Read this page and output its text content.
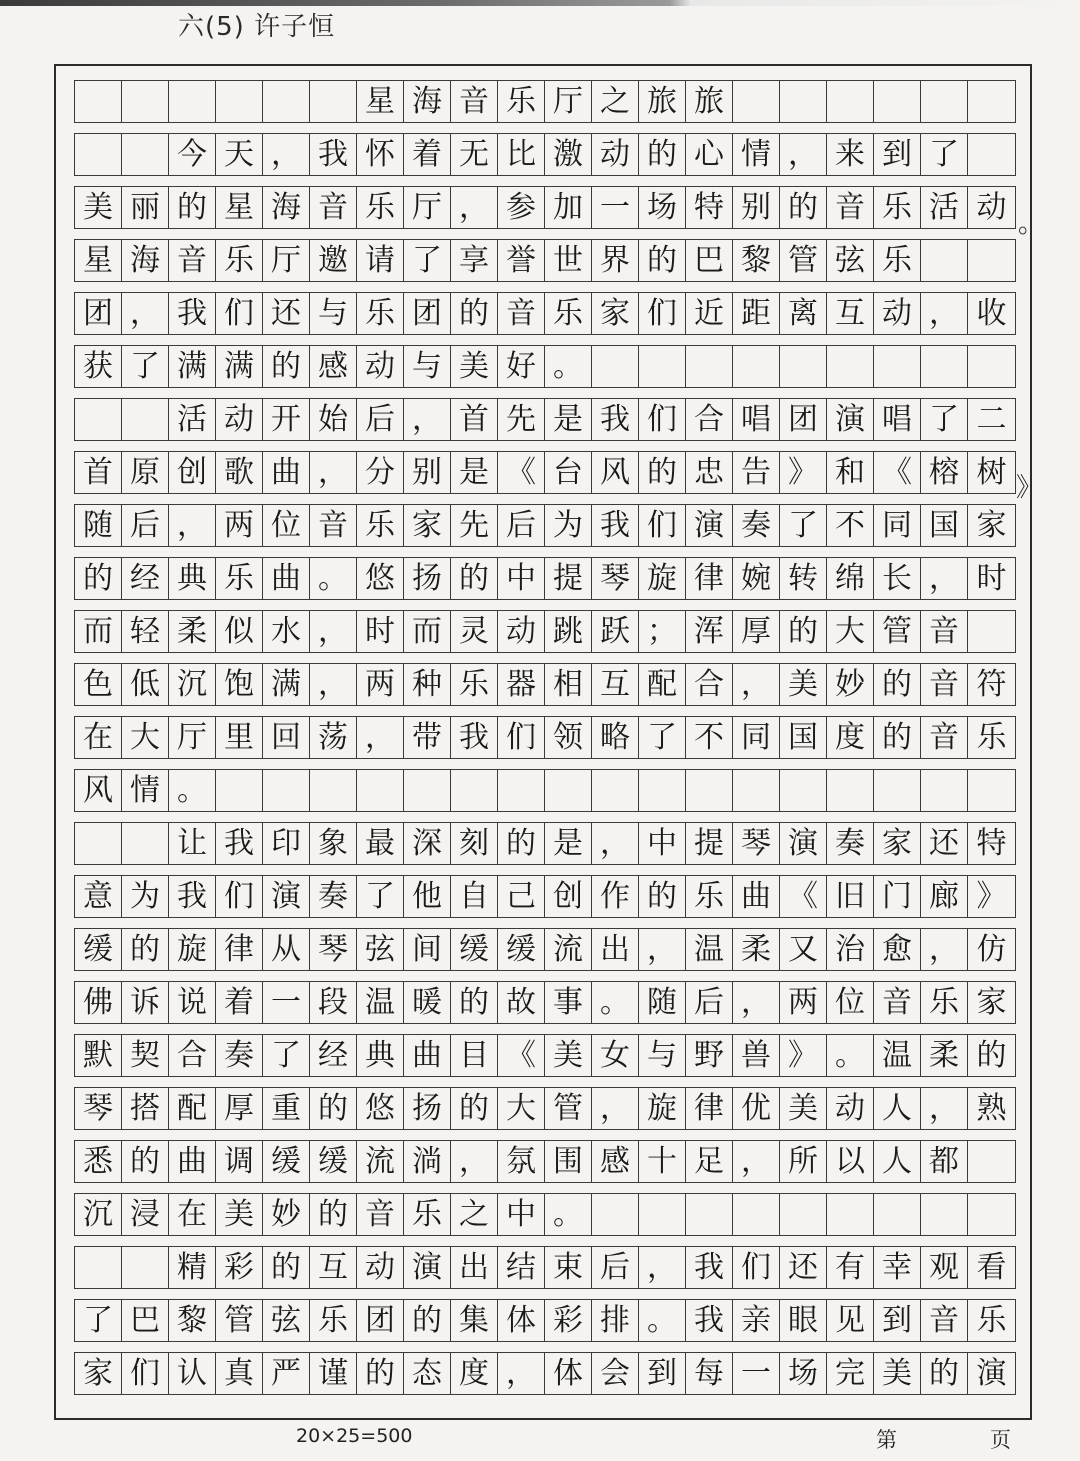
六(5) 许子恒
星 海 音 乐 厅 之 旅 旅
今 天 ， 我 怀 着 无 比 激 动 的 心 情 ， 来 到 了
美 丽 的 星 海 音 乐 厅 ， 参 加 一 场 特 别 的 音 乐 活 动
星 海 音 乐 厅 邀 请 了 享 誉 世 界 的 巴 黎 管 弦 乐
团 ， 我 们 还 与 乐 团 的 音 乐 家 们 近 距 离 互 动 ， 收
获 了 满 满 的 感 动 与 美 好 。
活 动 开 始 后 ， 首 先 是 我 们 合 唱 团 演 唱 了 二
首 原 创 歌 曲 ， 分 别 是 《 台 风 的 忠 告 》 和 《 榕 树
随 后 ， 两 位 音 乐 家 先 后 为 我 们 演 奏 了 不 同 国 家
的 经 典 乐 曲 。 悠 扬 的 中 提 琴 旋 律 婉 转 绵 长 ， 时
而 轻 柔 似 水 ， 时 而 灵 动 跳 跃 ； 浑 厚 的 大 管 音
色 低 沉 饱 满 ， 两 种 乐 器 相 互 配 合 ， 美 妙 的 音 符
在 大 厅 里 回 荡 ， 带 我 们 领 略 了 不 同 国 度 的 音 乐
风 情 。
让 我 印 象 最 深 刻 的 是 ， 中 提 琴 演 奏 家 还 特
意 为 我 们 演 奏 了 他 自 己 创 作 的 乐 曲 《 旧 门 廊 》
缓 的 旋 律 从 琴 弦 间 缓 缓 流 出 ， 温 柔 又 治 愈 ， 仿
佛 诉 说 着 一 段 温 暖 的 故 事 。 随 后 ， 两 位 音 乐 家
默 契 合 奏 了 经 典 曲 目 《 美 女 与 野 兽 》 。 温 柔 的
琴 搭 配 厚 重 的 悠 扬 的 大 管 ， 旋 律 优 美 动 人 ， 熟
悉 的 曲 调 缓 缓 流 淌 ， 氛 围 感 十 足 ， 所 以 人 都
沉 浸 在 美 妙 的 音 乐 之 中 。
精 彩 的 互 动 演 出 结 束 后 ， 我 们 还 有 幸 观 看
了 巴 黎 管 弦 乐 团 的 集 体 彩 排 。 我 亲 眼 见 到 音 乐
家 们 认 真 严 谨 的 态 度 ， 体 会 到 每 一 场 完 美 的 演
。
》
20×25=500	第	页
